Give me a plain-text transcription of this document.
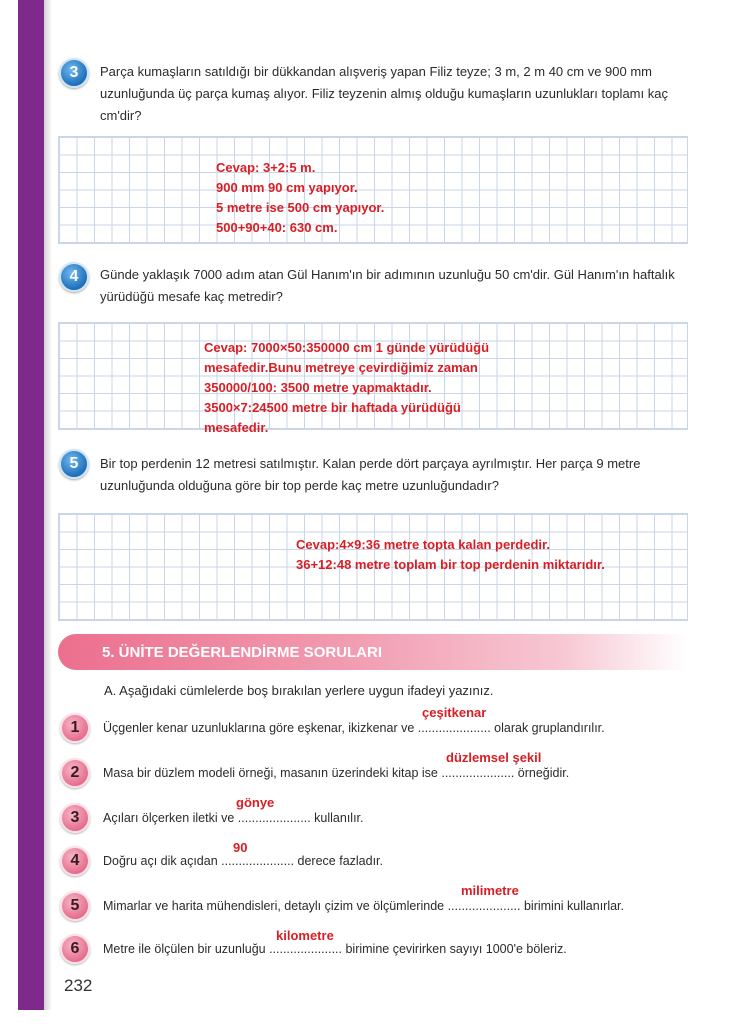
3	Parça kumaşların satıldığı bir dükkandan alışveriş yapan Filiz teyze; 3 m, 2 m 40 cm ve 900 mm uzunluğunda üç parça kumaş alıyor. Filiz teyzenin almış olduğu kumaşların uzunlukları toplamı kaç cm'dir?
Cevap: 3+2:5 m.
900 mm 90 cm yapıyor.
5 metre ise 500 cm yapıyor.
500+90+40: 630 cm.
4	Günde yaklaşık 7000 adım atan Gül Hanım'ın bir adımının uzunluğu 50 cm'dir. Gül Hanım'ın haftalık yürüdüğü mesafe kaç metredir?
Cevap: 7000×50:350000 cm 1 günde yürüdüğü
mesafedir.Bunu metreye çevirdiğimiz zaman
350000/100: 3500 metre yapmaktadır.
3500×7:24500 metre bir haftada yürüdüğü
mesafedir.
5	Bir top perdenin 12 metresi satılmıştır. Kalan perde dört parçaya ayrılmıştır. Her parça 9 metre uzunluğunda olduğuna göre bir top perde kaç metre uzunluğundadır?
Cevap:4×9:36 metre topta kalan perdedir.
36+12:48 metre toplam bir top perdenin miktarıdır.
5. ÜNİTE DEĞERLENDİRME SORULARI
A. Aşağıdaki cümlelerde boş bırakılan yerlere uygun ifadeyi yazınız.
1
çeşitkenar
Üçgenler kenar uzunluklarına göre eşkenar, ikizkenar ve ..................... olarak gruplandırılır.
2
düzlemsel şekil
Masa bir düzlem modeli örneği, masanın üzerindeki kitap ise ..................... örneğidir.
3
gönye
Açıları ölçerken iletki ve ..................... kullanılır.
4
90
Doğru açı dik açıdan ..................... derece fazladır.
5
milimetre
Mimarlar ve harita mühendisleri, detaylı çizim ve ölçümlerinde ..................... birimini kullanırlar.
6
kilometre
Metre ile ölçülen bir uzunluğu ..................... birimine çevirirken sayıyı 1000'e böleriz.
232
